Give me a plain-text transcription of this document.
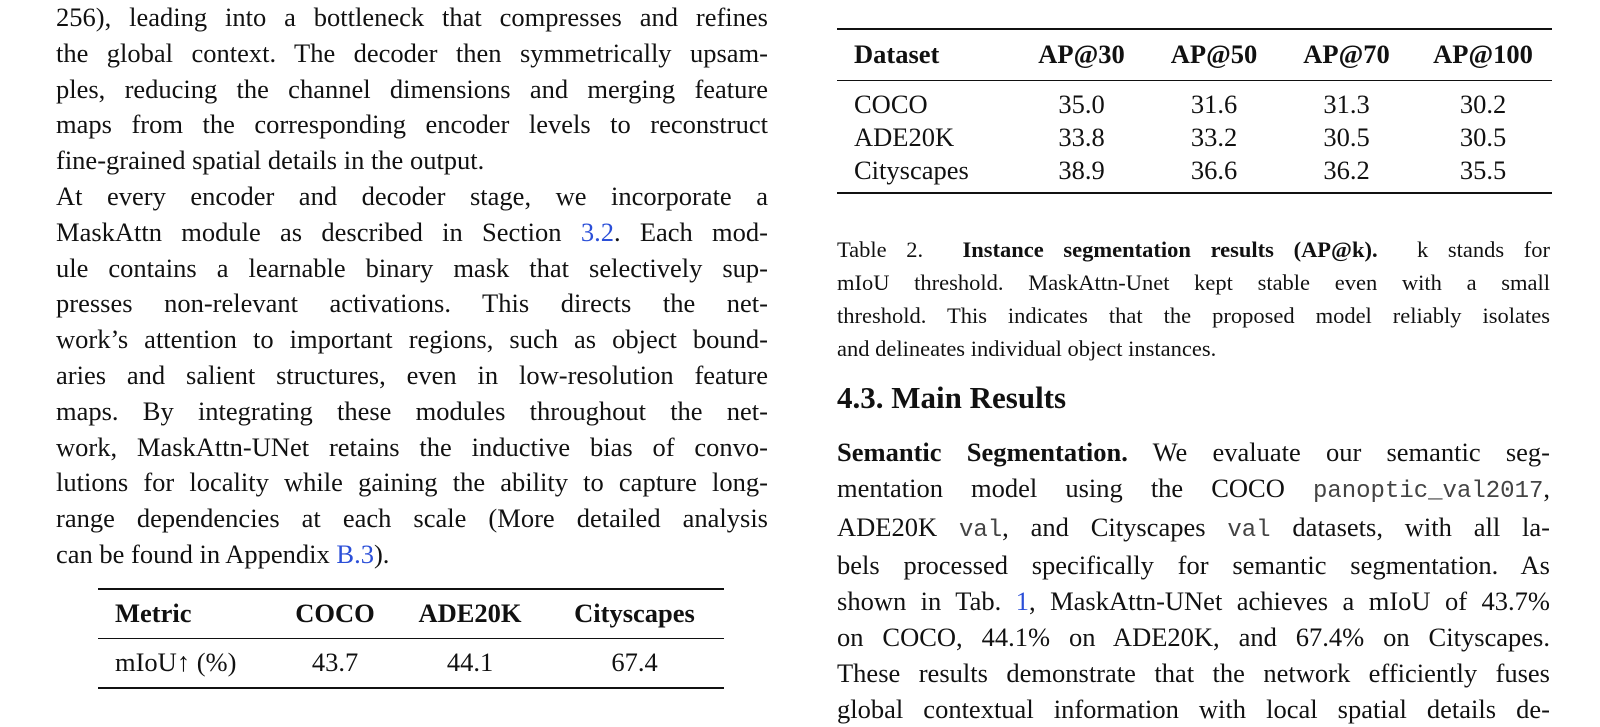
256), leading into a bottleneck that compresses and refines
the global context. The decoder then symmetrically upsam-
ples, reducing the channel dimensions and merging feature
maps from the corresponding encoder levels to reconstruct
fine-grained spatial details in the output.

At every encoder and decoder stage, we incorporate a
MaskAttn module as described in Section 3.2. Each mod-
ule contains a learnable binary mask that selectively sup-
presses non-relevant activations. This directs the net-
work’s attention to important regions, such as object bound-
aries and salient structures, even in low-resolution feature
maps. By integrating these modules throughout the net-
work, MaskAttn-UNet retains the inductive bias of convo-
lutions for locality while gaining the ability to capture long-
range dependencies at each scale (More detailed analysis
can be found in Appendix B.3).

Metric	COCO	ADE20K	Cityscapes
mIoU↑ (%)	43.7	44.1	67.4
Dataset	AP@30	AP@50	AP@70	AP@100
COCO	35.0	31.6	31.3	30.2
ADE20K	33.8	33.2	30.5	30.5
Cityscapes	38.9	36.6	36.2	35.5

Table 2. Instance segmentation results (AP@k). k stands for
mIoU threshold. MaskAttn-Unet kept stable even with a small
threshold. This indicates that the proposed model reliably isolates
and delineates individual object instances.

4.3. Main Results

Semantic Segmentation. We evaluate our semantic seg-
mentation model using the COCO panoptic_val2017,
ADE20K val, and Cityscapes val datasets, with all la-
bels processed specifically for semantic segmentation. As
shown in Tab. 1, MaskAttn-UNet achieves a mIoU of 43.7%
on COCO, 44.1% on ADE20K, and 67.4% on Cityscapes.
These results demonstrate that the network efficiently fuses
global contextual information with local spatial details de-
